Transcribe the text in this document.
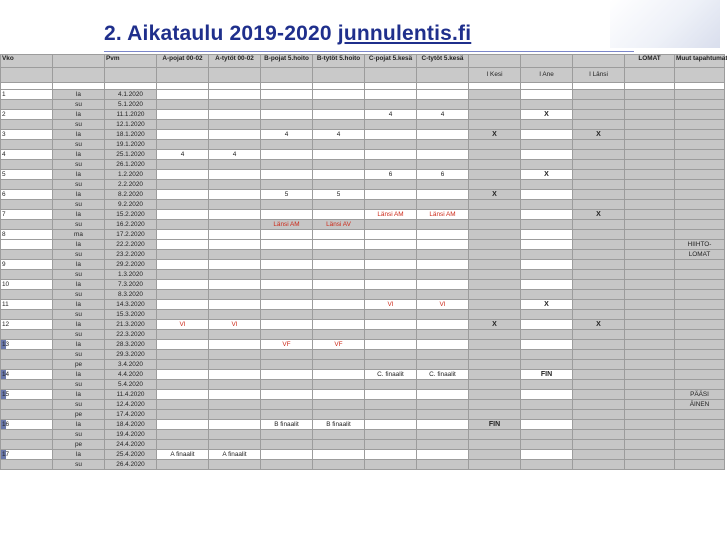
2. Aikataulu 2019-2020 junnulentis.fi
Vko		Pvm	A-pojat 00-02	A-tytöt 00-02	B-pojat 5.hoito	B-tytöt 5.hoito	C-pojat 5.kesä	C-tytöt 5.kesä				LOMAT	Muut tapahtumat
									I Kesi	I Ane	I Länsi		

1	la	4.1.2020											
	su	5.1.2020											
2	la	11.1.2020					4	4		X			
	su	12.1.2020											
3	la	18.1.2020			4	4			X		X		
	su	19.1.2020											
4	la	25.1.2020	4	4									
	su	26.1.2020											
5	la	1.2.2020					6	6		X			
	su	2.2.2020											
6	la	8.2.2020			5	5			X				
	su	9.2.2020											
7	la	15.2.2020					Länsi AM	Länsi AM			X		
	su	16.2.2020			Länsi AM	Länsi AV							
8	ma	17.2.2020											
	la	22.2.2020											HIIHTO-
	su	23.2.2020											LOMAT
9	la	29.2.2020											
	su	1.3.2020											
10	la	7.3.2020											
	su	8.3.2020											
11	la	14.3.2020					VI	VI		X			
	su	15.3.2020											
12	la	21.3.2020	VI	VI					X		X		
	su	22.3.2020											
13	la	28.3.2020			VF	VF							
	su	29.3.2020											
	pe	3.4.2020											
14	la	4.4.2020					C. finaalit	C. finaalit		FIN			
	su	5.4.2020											
15	la	11.4.2020											PÄÄSI
	su	12.4.2020											ÄINEN
	pe	17.4.2020											
16	la	18.4.2020			B finaalit	B finaalit			FIN				
	su	19.4.2020											
	pe	24.4.2020											
17	la	25.4.2020	A finaalit	A finaalit									
	su	26.4.2020											
